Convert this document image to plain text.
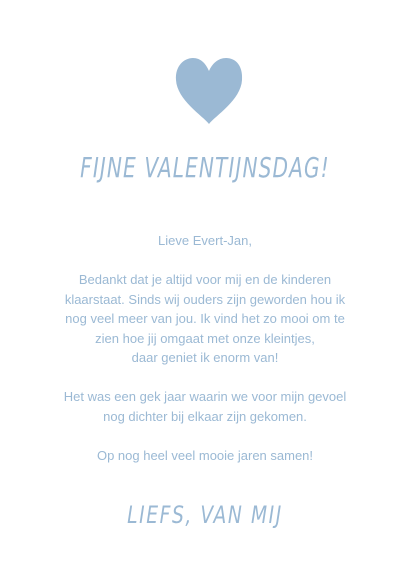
FIJNE VALENTIJNSDAG!

Lieve Evert-Jan,

Bedankt dat je altijd voor mij en de kinderen

klaarstaat. Sinds wij ouders zijn geworden hou ik

nog veel meer van jou. Ik vind het zo mooi om te

zien hoe jij omgaat met onze kleintjes,

daar geniet ik enorm van!

Het was een gek jaar waarin we voor mijn gevoel

nog dichter bij elkaar zijn gekomen.

Op nog heel veel mooie jaren samen!

LIEFS, VAN MIJ
